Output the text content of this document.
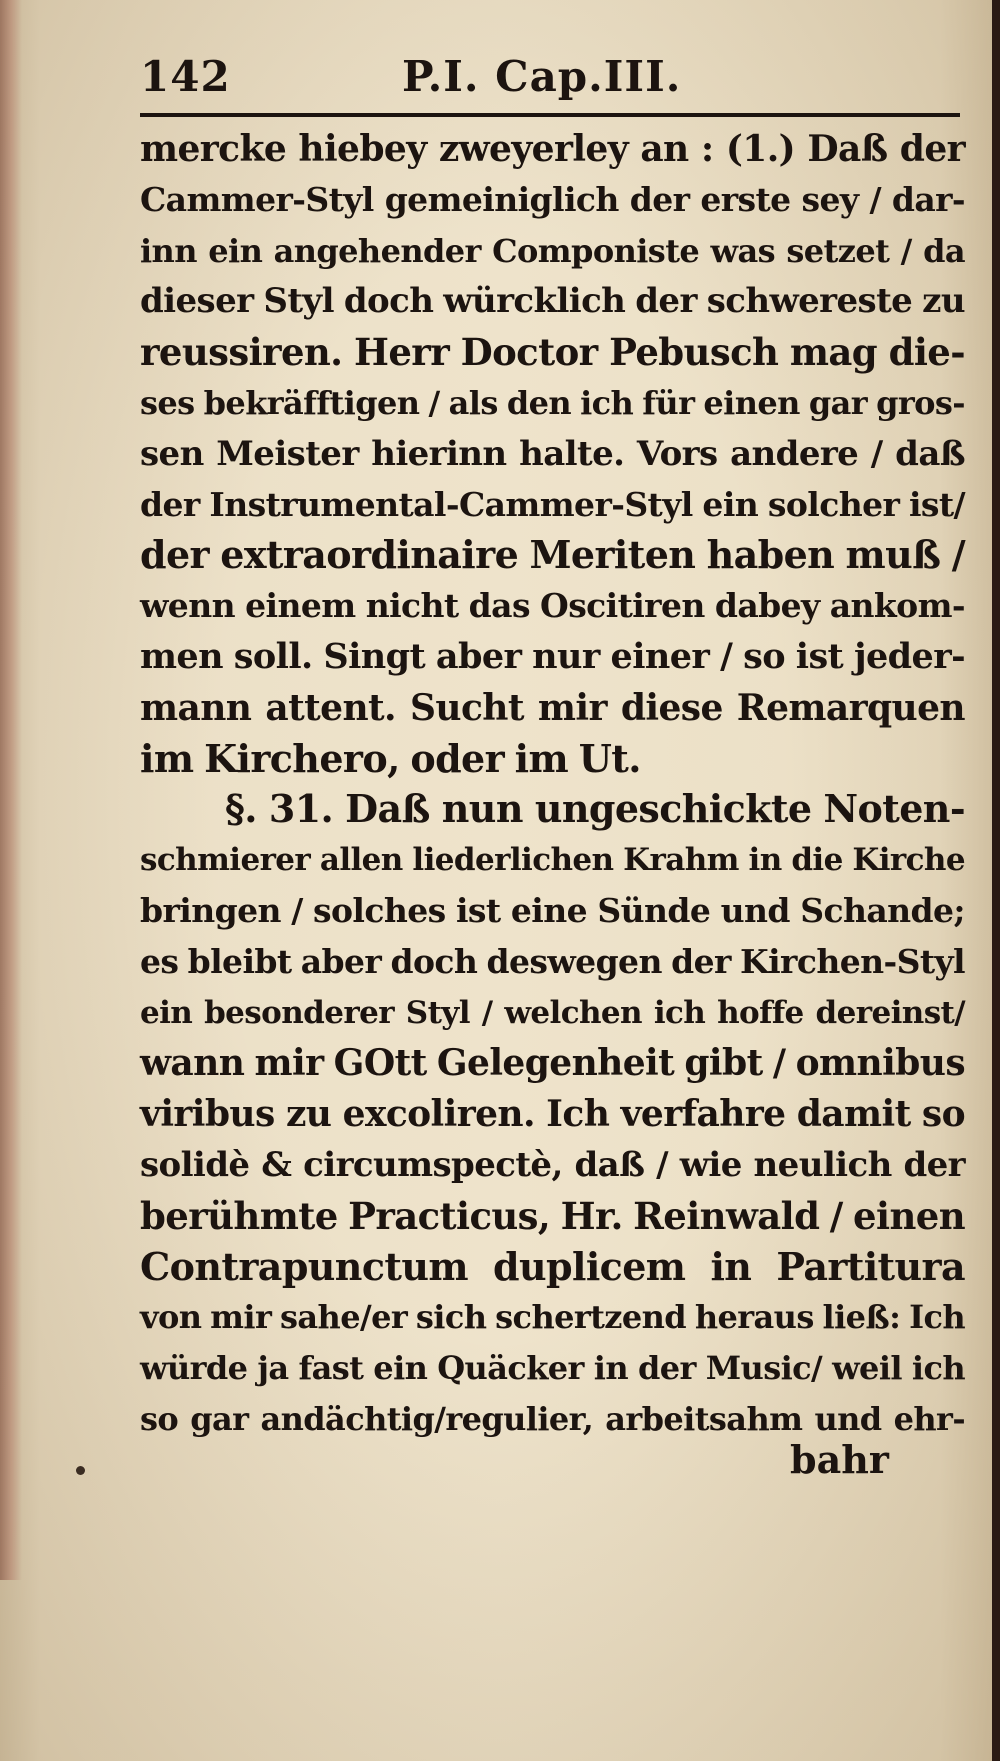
142	P.I. Cap.III.
mercke hiebey zweyerley an : (1.) Daß der
Cammer-Styl gemeiniglich der erste sey / dar-
inn ein angehender Componiste was setzet / da
dieser Styl doch würcklich der schwereste zu
reussiren. Herr Doctor Pebusch mag die-
ses bekräfftigen / als den ich für einen gar gros-
sen Meister hierinn halte. Vors andere / daß
der Instrumental-Cammer-Styl ein solcher ist/
der extraordinaire Meriten haben muß /
wenn einem nicht das Oscitiren dabey ankom-
men soll. Singt aber nur einer / so ist jeder-
mann attent. Sucht mir diese Remarquen
im Kirchero, oder im Ut.
§. 31. Daß nun ungeschickte Noten-
schmierer allen liederlichen Krahm in die Kirche
bringen / solches ist eine Sünde und Schande;
es bleibt aber doch deswegen der Kirchen-Styl
ein besonderer Styl / welchen ich hoffe dereinst/
wann mir GOtt Gelegenheit gibt / omnibus
viribus zu excoliren. Ich verfahre damit so
solidè & circumspectè, daß / wie neulich der
berühmte Practicus, Hr. Reinwald / einen
Contrapunctum duplicem in Partitura
von mir sahe/er sich schertzend heraus ließ: Ich
würde ja fast ein Quäcker in der Music/ weil ich
so gar andächtig/regulier, arbeitsahm und ehr-
bahr
